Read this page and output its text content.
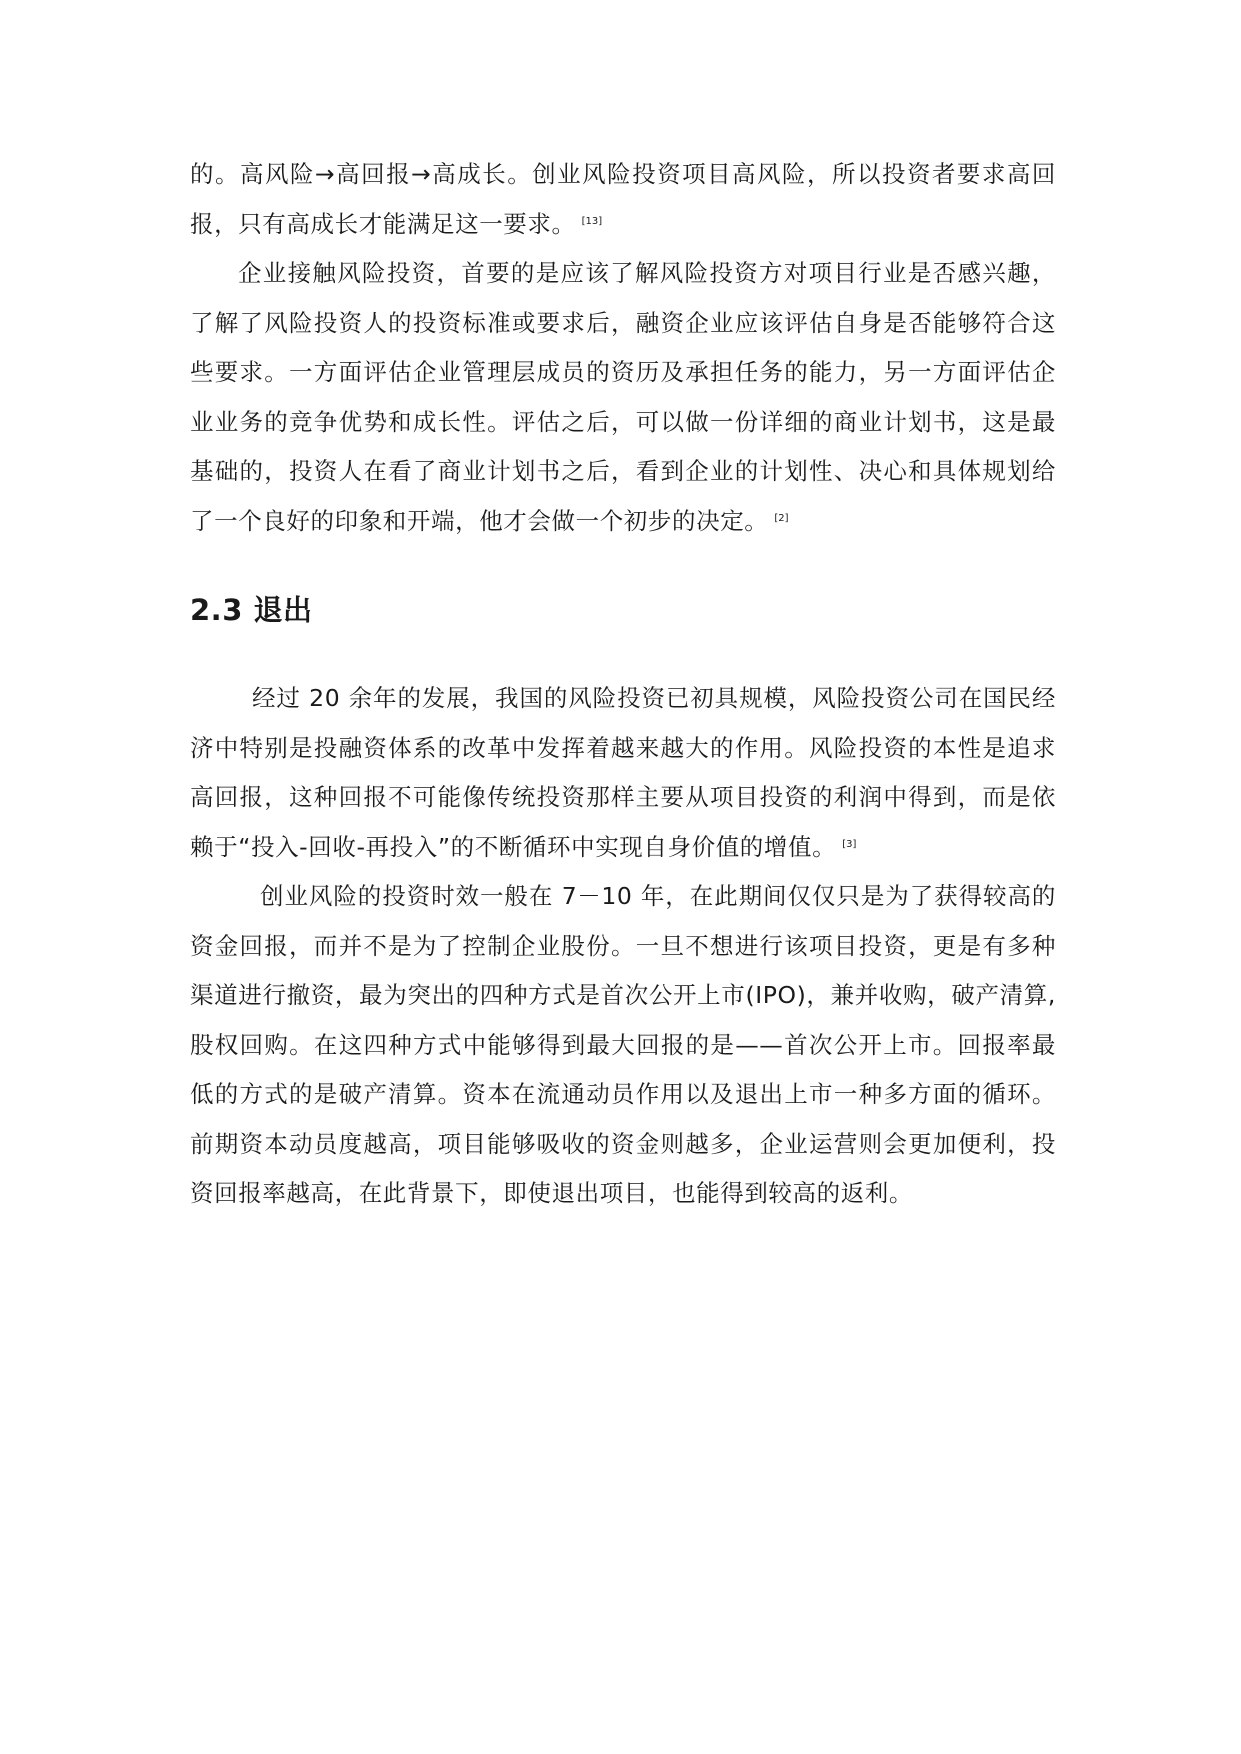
的。高风险→高回报→高成长。创业风险投资项目高风险，所以投资者要求高回报，只有高成长才能满足这一要求。 [13]

企业接触风险投资，首要的是应该了解风险投资方对项目行业是否感兴趣，了解了风险投资人的投资标准或要求后，融资企业应该评估自身是否能够符合这些要求。一方面评估企业管理层成员的资历及承担任务的能力，另一方面评估企业业务的竞争优势和成长性。评估之后，可以做一份详细的商业计划书，这是最基础的，投资人在看了商业计划书之后，看到企业的计划性、决心和具体规划给了一个良好的印象和开端，他才会做一个初步的决定。 [2]

2.3 退出

经过 20 余年的发展，我国的风险投资已初具规模，风险投资公司在国民经济中特别是投融资体系的改革中发挥着越来越大的作用。风险投资的本性是追求高回报，这种回报不可能像传统投资那样主要从项目投资的利润中得到，而是依赖于“投入-回收-再投入”的不断循环中实现自身价值的增值。 [3]

创业风险的投资时效一般在 7－10 年，在此期间仅仅只是为了获得较高的资金回报，而并不是为了控制企业股份。一旦不想进行该项目投资，更是有多种渠道进行撤资，最为突出的四种方式是首次公开上市(IPO)，兼并收购，破产清算,股权回购。在这四种方式中能够得到最大回报的是——首次公开上市。回报率最低的方式的是破产清算。资本在流通动员作用以及退出上市一种多方面的循环。前期资本动员度越高，项目能够吸收的资金则越多，企业运营则会更加便利，投资回报率越高，在此背景下，即使退出项目，也能得到较高的返利。
